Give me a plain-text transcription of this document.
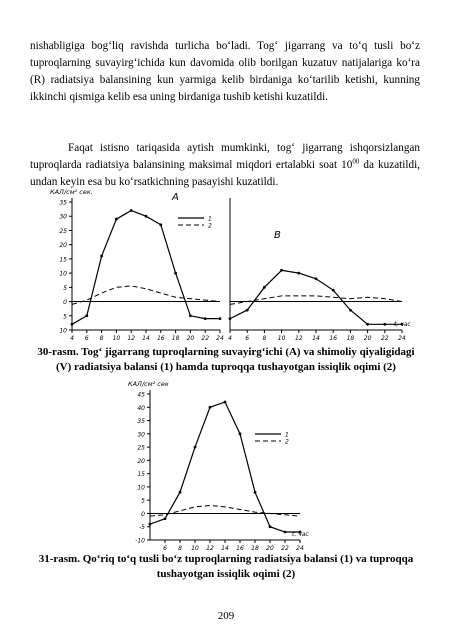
nishabligiga bog‘liq ravishda turlicha bo‘ladi. Tog‘ jigarrang va to‘q tusli bo‘z tuproqlarning suvayirg‘ichida kun davomida olib borilgan kuzatuv natijalariga ko‘ra (R) radiatsiya balansining kun yarmiga kelib birdaniga ko‘tarilib ketishi, kunning ikkinchi qismiga kelib esa uning birdaniga tushib ketishi kuzatildi.

Faqat istisno tariqasida aytish mumkinki, tog‘ jigarrang ishqorsizlangan tuproqlarda radiatsiya balansining maksimal miqdori ertalabki soat $10^{00}$ da kuzatildi, undan keyin esa bu ko‘rsatkichning pasayishi kuzatildi.

35
30
25
20
15
10
5
0
5
10
4 6 8 10 12 14 16 18 20 22 24
КАЛ/см² сек.	А
1
2
4 6 8 10 12 14 16 18 20 22 24
t, час
В

30-rasm. Tog‘ jigarrang tuproqlarning suvayirg‘ichi (A) va shimoliy qiyaligidagi
(V) radiatsiya balansi (1) hamda tuproqqa tushayotgan issiqlik oqimi (2)

45
40
35
30
25
20
15
10
5
0
-5
-10
6 8 10 12 14 16 18 20 22 24
КАЛ/см² сек
t, час
1
2

31-rasm. Qo‘riq to‘q tusli bo‘z tuproqlarning radiatsiya balansi (1) va tuproqqa
tushayotgan issiqlik oqimi (2)

209
